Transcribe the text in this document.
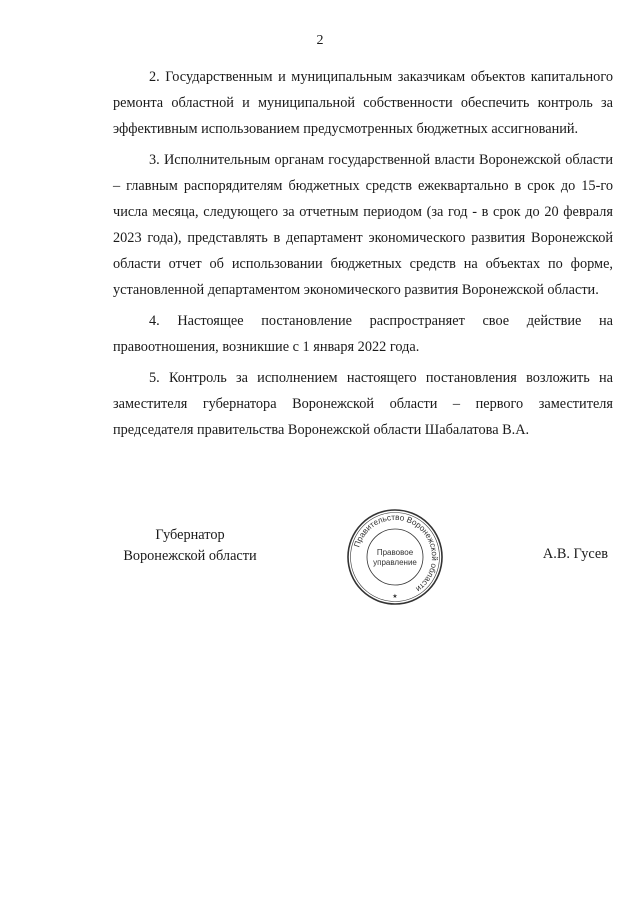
2

2. Государственным и муниципальным заказчикам объектов капитального ремонта областной и муниципальной собственности обеспечить контроль за эффективным использованием предусмотренных бюджетных ассигнований.

3. Исполнительным органам государственной власти Воронежской области – главным распорядителям бюджетных средств ежеквартально в срок до 15-го числа месяца, следующего за отчетным периодом (за год - в срок до 20 февраля 2023 года), представлять в департамент экономического развития Воронежской области отчет об использовании бюджетных средств на объектах по форме, установленной департаментом экономического развития Воронежской области.

4. Настоящее постановление распространяет свое действие на правоотношения, возникшие с 1 января 2022 года.

5. Контроль за исполнением настоящего постановления возложить на заместителя губернатора Воронежской области – первого заместителя председателя правительства Воронежской области Шабалатова В.А.

Губернатор
Воронежской области	А.В. Гусев
Правительство Воронежской области
Правовое
управление
★
